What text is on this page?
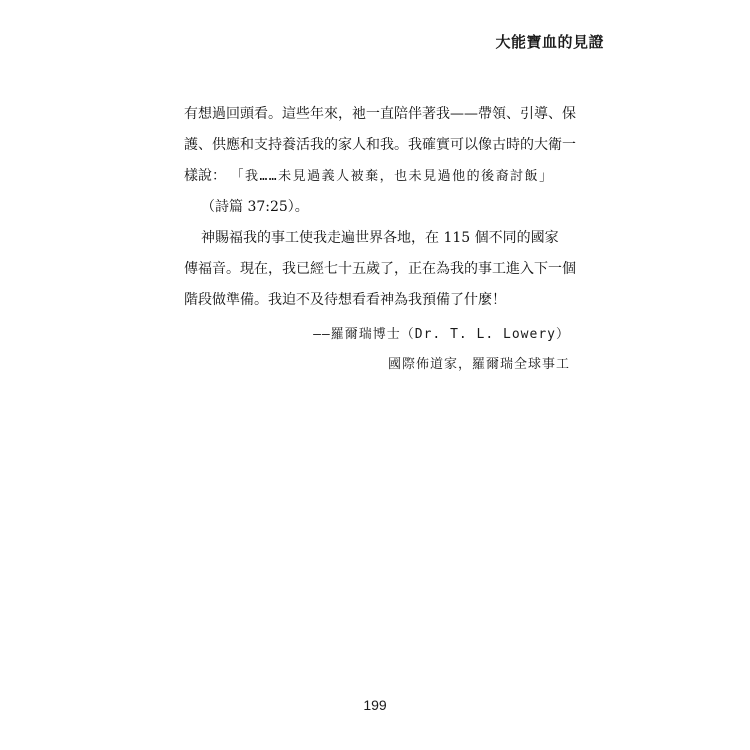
大能寶血的見證
有想過回頭看。這些年來，祂一直陪伴著我——帶領、引導、保
護、供應和支持養活我的家人和我。我確實可以像古時的大衛一
樣說： 「我……未見過義人被棄，也未見過他的後裔討飯」
（詩篇 37:25）。
神賜福我的事工使我走遍世界各地，在 115 個不同的國家
傳福音。現在，我已經七十五歲了，正在為我的事工進入下一個
階段做準備。我迫不及待想看看神為我預備了什麼！
——羅爾瑞博士（Dr. T. L. Lowery）
國際佈道家，羅爾瑞全球事工
199
